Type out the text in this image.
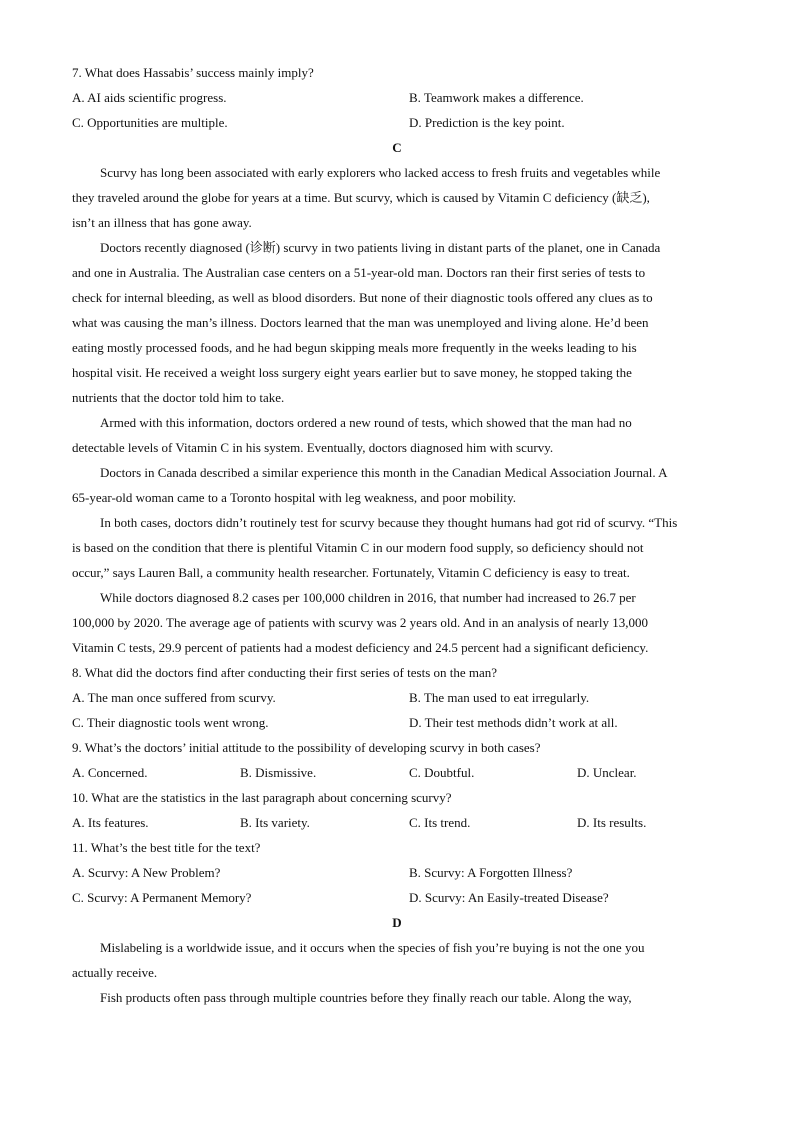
7. What does Hassabis’ success mainly imply?
A. AI aids scientific progress.	B. Teamwork makes a difference.
C. Opportunities are multiple.	D. Prediction is the key point.
C
Scurvy has long been associated with early explorers who lacked access to fresh fruits and vegetables while
they traveled around the globe for years at a time. But scurvy, which is caused by Vitamin C deficiency (缺乏),
isn’t an illness that has gone away.
Doctors recently diagnosed (诊断) scurvy in two patients living in distant parts of the planet, one in Canada
and one in Australia. The Australian case centers on a 51-year-old man. Doctors ran their first series of tests to
check for internal bleeding, as well as blood disorders. But none of their diagnostic tools offered any clues as to
what was causing the man’s illness. Doctors learned that the man was unemployed and living alone. He’d been
eating mostly processed foods, and he had begun skipping meals more frequently in the weeks leading to his
hospital visit. He received a weight loss surgery eight years earlier but to save money, he stopped taking the
nutrients that the doctor told him to take.
Armed with this information, doctors ordered a new round of tests, which showed that the man had no
detectable levels of Vitamin C in his system. Eventually, doctors diagnosed him with scurvy.
Doctors in Canada described a similar experience this month in the Canadian Medical Association Journal. A
65-year-old woman came to a Toronto hospital with leg weakness, and poor mobility.
In both cases, doctors didn’t routinely test for scurvy because they thought humans had got rid of scurvy. “This
is based on the condition that there is plentiful Vitamin C in our modern food supply, so deficiency should not
occur,” says Lauren Ball, a community health researcher. Fortunately, Vitamin C deficiency is easy to treat.
While doctors diagnosed 8.2 cases per 100,000 children in 2016, that number had increased to 26.7 per
100,000 by 2020. The average age of patients with scurvy was 2 years old. And in an analysis of nearly 13,000
Vitamin C tests, 29.9 percent of patients had a modest deficiency and 24.5 percent had a significant deficiency.
8. What did the doctors find after conducting their first series of tests on the man?
A. The man once suffered from scurvy.	B. The man used to eat irregularly.
C. Their diagnostic tools went wrong.	D. Their test methods didn’t work at all.
9. What’s the doctors’ initial attitude to the possibility of developing scurvy in both cases?
A. Concerned.	B. Dismissive.	C. Doubtful.	D. Unclear.
10. What are the statistics in the last paragraph about concerning scurvy?
A. Its features.	B. Its variety.	C. Its trend.	D. Its results.
11. What’s the best title for the text?
A. Scurvy: A New Problem?	B. Scurvy: A Forgotten Illness?
C. Scurvy: A Permanent Memory?	D. Scurvy: An Easily-treated Disease?
D
Mislabeling is a worldwide issue, and it occurs when the species of fish you’re buying is not the one you
actually receive.
Fish products often pass through multiple countries before they finally reach our table. Along the way,
